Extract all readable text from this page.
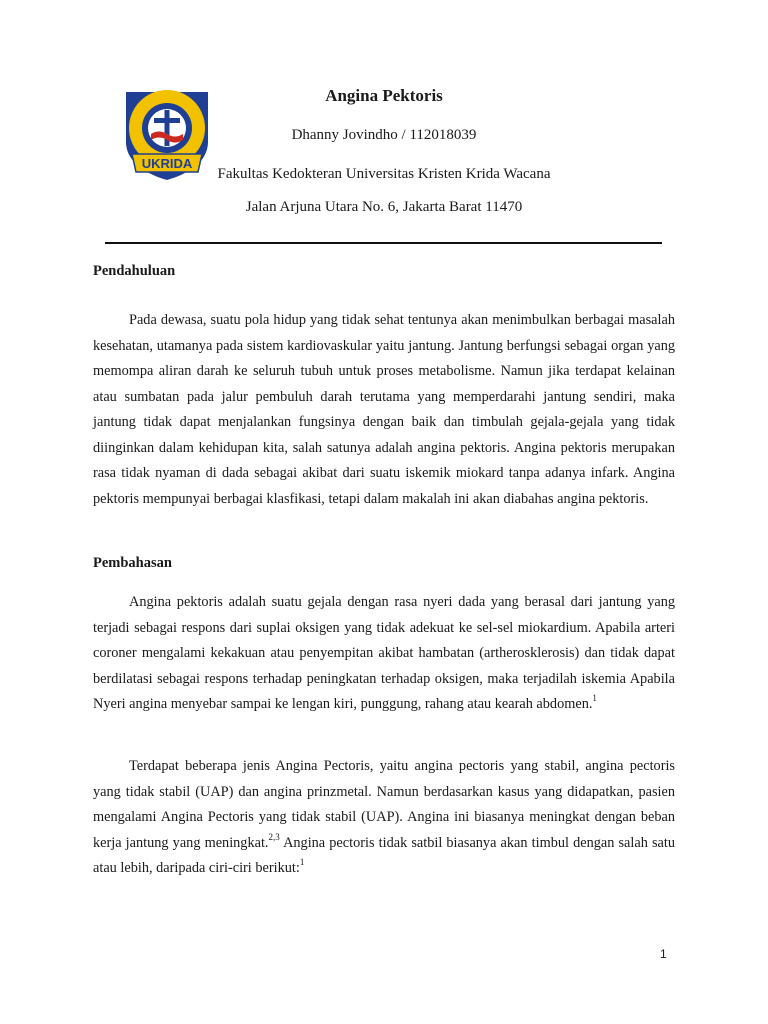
UKRIDA
Angina Pektoris
Dhanny Jovindho / 112018039
Fakultas Kedokteran Universitas Kristen Krida Wacana
Jalan Arjuna Utara No. 6, Jakarta Barat 11470
Pendahuluan

Pada dewasa, suatu pola hidup yang tidak sehat tentunya akan menimbulkan berbagai masalah kesehatan, utamanya pada sistem kardiovaskular yaitu jantung. Jantung berfungsi sebagai organ yang memompa aliran darah ke seluruh tubuh untuk proses metabolisme. Namun jika terdapat kelainan atau sumbatan pada jalur pembuluh darah terutama yang memperdarahi jantung sendiri, maka jantung tidak dapat menjalankan fungsinya dengan baik dan timbulah gejala-gejala yang tidak diinginkan dalam kehidupan kita, salah satunya adalah angina pektoris. Angina pektoris merupakan rasa tidak nyaman di dada sebagai akibat dari suatu iskemik miokard tanpa adanya infark. Angina pektoris mempunyai berbagai klasfikasi, tetapi dalam makalah ini akan diabahas angina pektoris.

Pembahasan

Angina pektoris adalah suatu gejala dengan rasa nyeri dada yang berasal dari jantung yang terjadi sebagai respons dari suplai oksigen yang tidak adekuat ke sel-sel miokardium. Apabila arteri coroner mengalami kekakuan atau penyempitan akibat hambatan (artherosklerosis) dan tidak dapat berdilatasi sebagai respons terhadap peningkatan terhadap oksigen, maka terjadilah iskemia Apabila Nyeri angina menyebar sampai ke lengan kiri, punggung, rahang atau kearah abdomen.$^1$

Terdapat beberapa jenis Angina Pectoris, yaitu angina pectoris yang stabil, angina pectoris yang tidak stabil (UAP) dan angina prinzmetal. Namun berdasarkan kasus yang didapatkan, pasien mengalami Angina Pectoris yang tidak stabil (UAP). Angina ini biasanya meningkat dengan beban kerja jantung yang meningkat.$^{2,3}$ Angina pectoris tidak satbil biasanya akan timbul dengan salah satu atau lebih, daripada ciri-ciri berikut:$^1$

1
